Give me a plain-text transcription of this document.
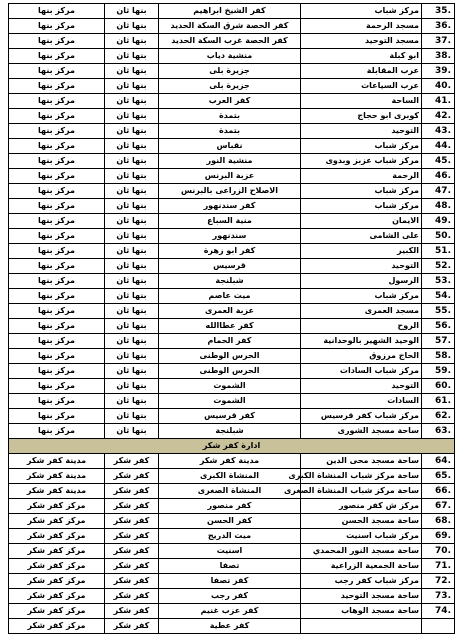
مركز بنها	بنها ثان	كفر الشيخ ابراهيم	مركز شباب	35.
مركز بنها	بنها ثان	كفر الحصة شرق السكة الحديد	مسجد الرحمة	36.
مركز بنها	بنها ثان	كفر الحصة غرب السكة الحديد	مسجد التوحيد	37.
مركز بنها	بنها ثان	منشية دياب	ابو كبلة	38.
مركز بنها	بنها ثان	جزيرة بلى	عرب المقابلة	39.
مركز بنها	بنها ثان	جزيرة بلى	عرب السياعات	40.
مركز بنها	بنها ثان	كفر العرب	الساحة	41.
مركز بنها	بنها ثان	بتمدة	كوبرى ابو حجاج	42.
مركز بنها	بنها ثان	بتمدة	التوحيد	43.
مركز بنها	بنها ثان	نقباس	مركز شباب	44.
مركز بنها	بنها ثان	منشية النور	مركز شباب عزبز وبدوى	45.
مركز بنها	بنها ثان	عزبة البرنس	الرحمة	46.
مركز بنها	بنها ثان	الاصلاح الزراعى بالبرنس	مركز شباب	47.
مركز بنها	بنها ثان	كفر سندنهور	مركز شباب	48.
مركز بنها	بنها ثان	منية السباع	الايمان	49.
مركز بنها	بنها ثان	سندنهور	على الشامى	50.
مركز بنها	بنها ثان	كفر ابو زهرة	الكبير	51.
مركز بنها	بنها ثان	قرسيس	التوحيد	52.
مركز بنها	بنها ثان	شبلنجة	الرسول	53.
مركز بنها	بنها ثان	ميت عاصم	مركز شباب	54.
مركز بنها	بنها ثان	عزبة العمرى	مسجد العمرى	55.
مركز بنها	بنها ثان	كفر عطاالله	الروح	56.
مركز بنها	بنها ثان	كفر الحمام	الوحيد الشهير بالوحدانية	57.
مركز بنها	بنها ثان	الحرس الوطنى	الحاج مرزوق	58.
مركز بنها	بنها ثان	الحرس الوطنى	مركز شباب السادات	59.
مركز بنها	بنها ثان	الشموت	التوحيد	60.
مركز بنها	بنها ثان	الشموت	السادات	61.
مركز بنها	بنها ثان	كفر قرسيس	مركز شباب كفر قرسيس	62.
مركز بنها	بنها ثان	شبلنجة	ساحة مسجد الشورى	63.
ادارة كفر شكر				
مدينة كفر شكر	كفر شكر	مدينة كفر شكر	ساحة مسجد محى الدين	64.
مدينة كفر شكر	كفر شكر	المنشاة الكبرى	ساحة مركز شباب المنشاة الكبرى	65.
مدينة كفر شكر	كفر شكر	المنشاة الصغرى	ساحة مركز شباب المنشاة الصغرى	66.
مركز كفر شكر	كفر شكر	كفر منصور	مركز ش كفر منصور	67.
مركز كفر شكر	كفر شكر	كفر الحسن	ساحة مسجد الحسن	68.
مركز كفر شكر	كفر شكر	ميت الدريج	مركز شباب اسنيت	69.
مركز كفر شكر	كفر شكر	اسنيت	ساحة مسجد النور المحمدي	70.
مركز كفر شكر	كفر شكر	تصفا	ساحة الجمعية الزراعية	71.
مركز كفر شكر	كفر شكر	كفر تصفا	مركز شباب كفر رجب	72.
مركز كفر شكر	كفر شكر	كفر رجب	ساحة مسجد التوحيد	73.
مركز كفر شكر	كفر شكر	كفر عزب غنيم	ساحة مسجد الوهاب	74.
مركز كفر شكر	كفر شكر	كفر عطية		
